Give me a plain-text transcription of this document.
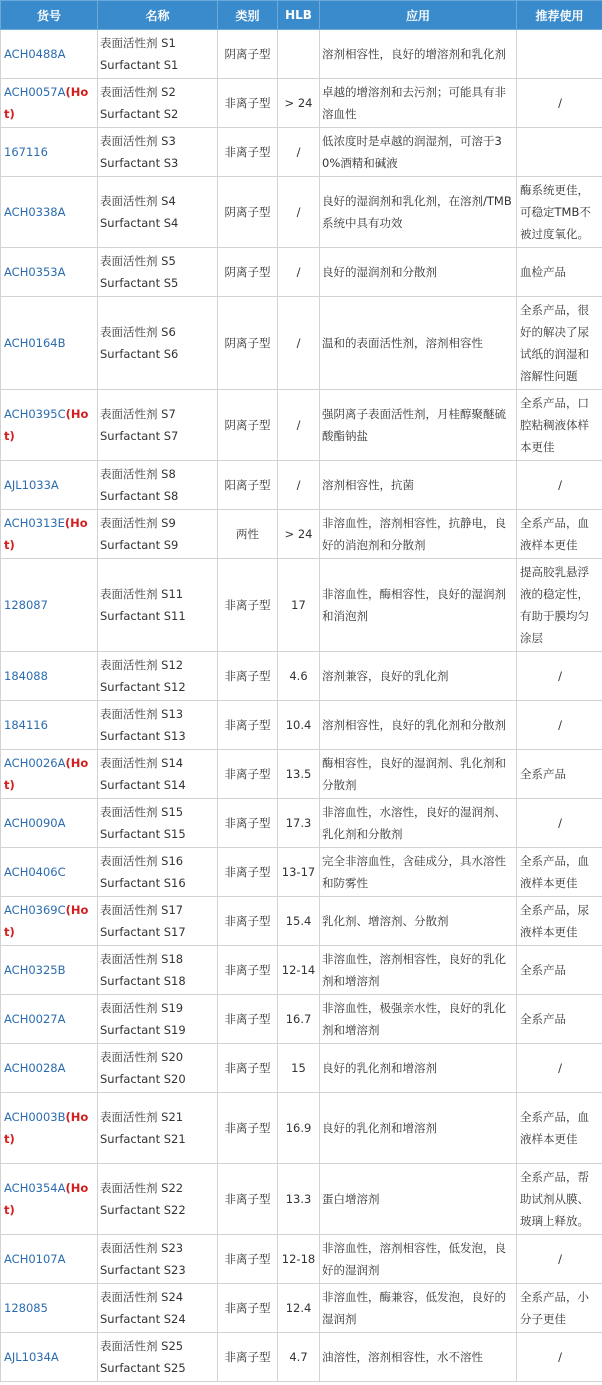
货号	名称	类别	HLB	应用	推荐使用
ACH0488A	表面活性剂 S1
Surfactant S1	阴离子型		溶剂相容性，良好的增溶剂和乳化剂	
ACH0057A(Hot)	表面活性剂 S2
Surfactant S2	非离子型	> 24	卓越的增溶剂和去污剂；可能具有非溶血性	/
167116	表面活性剂 S3
Surfactant S3	非离子型	/	低浓度时是卓越的润湿剂，可溶于30%酒精和碱液	
ACH0338A	表面活性剂 S4
Surfactant S4	阴离子型	/	良好的湿润剂和乳化剂，在溶剂/TMB系统中具有功效	酶系统更佳，可稳定TMB不被过度氧化。
ACH0353A	表面活性剂 S5
Surfactant S5	阴离子型	/	良好的湿润剂和分散剂	血检产品
ACH0164B	表面活性剂 S6
Surfactant S6	阴离子型	/	温和的表面活性剂，溶剂相容性	全系产品，很好的解决了尿试纸的润湿和溶解性问题
ACH0395C(Hot)	表面活性剂 S7
Surfactant S7	阴离子型	/	强阴离子表面活性剂，月桂醇聚醚硫酸酯钠盐	全系产品，口腔粘稠液体样本更佳
AJL1033A	表面活性剂 S8
Surfactant S8	阳离子型	/	溶剂相容性，抗菌	/
ACH0313E(Hot)	表面活性剂 S9
Surfactant S9	两性	> 24	非溶血性，溶剂相容性，抗静电，良好的消泡剂和分散剂	全系产品，血液样本更佳
128087	表面活性剂 S11
Surfactant S11	非离子型	17	非溶血性，酶相容性，良好的湿润剂和消泡剂	提高胶乳悬浮液的稳定性，有助于膜均匀涂层
184088	表面活性剂 S12
Surfactant S12	非离子型	4.6	溶剂兼容，良好的乳化剂	/
184116	表面活性剂 S13
Surfactant S13	非离子型	10.4	溶剂相容性，良好的乳化剂和分散剂	/
ACH0026A(Hot)	表面活性剂 S14
Surfactant S14	非离子型	13.5	酶相容性，良好的湿润剂、乳化剂和分散剂	全系产品
ACH0090A	表面活性剂 S15
Surfactant S15	非离子型	17.3	非溶血性，水溶性，良好的湿润剂、乳化剂和分散剂	/
ACH0406C	表面活性剂 S16
Surfactant S16	非离子型	13-17	完全非溶血性，含硅成分，具水溶性和防雾性	全系产品，血液样本更佳
ACH0369C(Hot)	表面活性剂 S17
Surfactant S17	非离子型	15.4	乳化剂、增溶剂、分散剂	全系产品，尿液样本更佳
ACH0325B	表面活性剂 S18
Surfactant S18	非离子型	12-14	非溶血性，溶剂相容性，良好的乳化剂和增溶剂	全系产品
ACH0027A	表面活性剂 S19
Surfactant S19	非离子型	16.7	非溶血性，极强亲水性，良好的乳化剂和增溶剂	全系产品
ACH0028A	表面活性剂 S20
Surfactant S20	非离子型	15	良好的乳化剂和增溶剂	/
ACH0003B(Hot)	表面活性剂 S21
Surfactant S21	非离子型	16.9	良好的乳化剂和增溶剂	全系产品，血液样本更佳
ACH0354A(Hot)	表面活性剂 S22
Surfactant S22	非离子型	13.3	蛋白增溶剂	全系产品，帮助试剂从膜、玻璃上释放。
ACH0107A	表面活性剂 S23
Surfactant S23	非离子型	12-18	非溶血性，溶剂相容性，低发泡，良好的湿润剂	/
128085	表面活性剂 S24
Surfactant S24	非离子型	12.4	非溶血性，酶兼容，低发泡，良好的湿润剂	全系产品，小分子更佳
AJL1034A	表面活性剂 S25
Surfactant S25	非离子型	4.7	油溶性，溶剂相容性，水不溶性	/
